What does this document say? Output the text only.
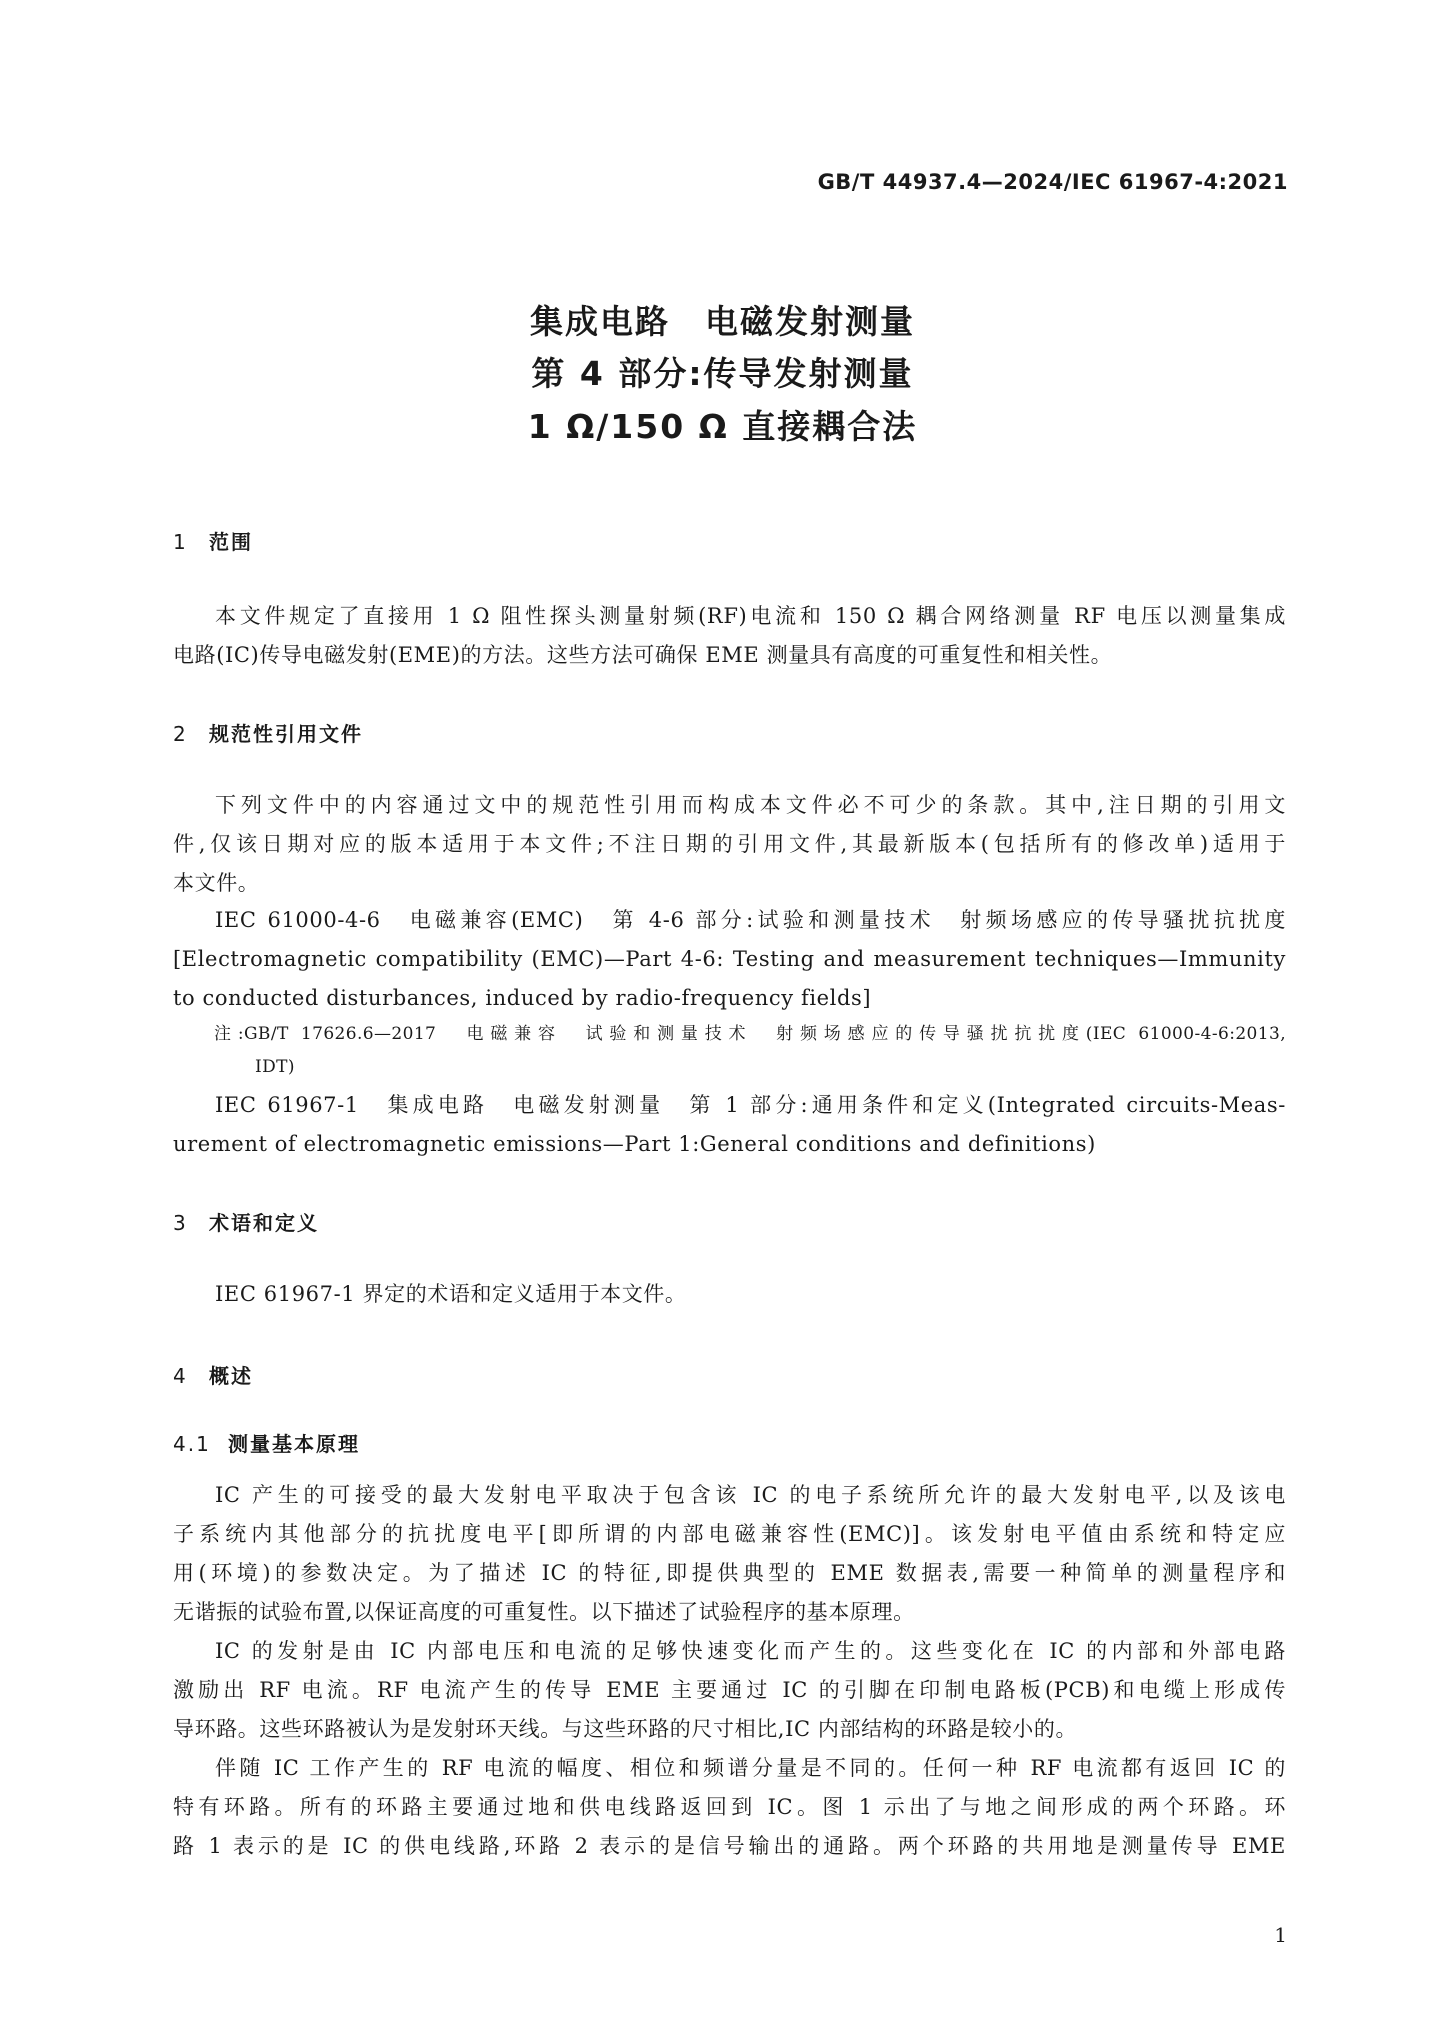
GB/T 44937.4—2024/IEC 61967-4:2021
集成电路　电磁发射测量
第 4 部分:传导发射测量
1 Ω/150 Ω 直接耦合法
1 范围
本文件规定了直接用 1 Ω 阻性探头测量射频(RF)电流和 150 Ω 耦合网络测量 RF 电压以测量集成
电路(IC)传导电磁发射(EME)的方法。这些方法可确保 EME 测量具有高度的可重复性和相关性。
2 规范性引用文件
下列文件中的内容通过文中的规范性引用而构成本文件必不可少的条款。其中,注日期的引用文
件,仅该日期对应的版本适用于本文件;不注日期的引用文件,其最新版本(包括所有的修改单)适用于
本文件。
IEC 61000-4-6　电磁兼容(EMC)　第 4-6 部分:试验和测量技术　射频场感应的传导骚扰抗扰度
[Electromagnetic compatibility (EMC)—Part 4-6: Testing and measurement techniques—Immunity
to conducted disturbances, induced by radio-frequency fields]
注:GB/T 17626.6—2017　电磁兼容　试验和测量技术　射频场感应的传导骚扰抗扰度(IEC 61000-4-6:2013,
IDT)
IEC 61967-1　集成电路　电磁发射测量　第 1 部分:通用条件和定义(Integrated circuits-Meas-
urement of electromagnetic emissions—Part 1:General conditions and definitions)
3 术语和定义
IEC 61967-1 界定的术语和定义适用于本文件。
4 概述
4.1 测量基本原理
IC 产生的可接受的最大发射电平取决于包含该 IC 的电子系统所允许的最大发射电平,以及该电
子系统内其他部分的抗扰度电平[即所谓的内部电磁兼容性(EMC)]。该发射电平值由系统和特定应
用(环境)的参数决定。为了描述 IC 的特征,即提供典型的 EME 数据表,需要一种简单的测量程序和
无谐振的试验布置,以保证高度的可重复性。以下描述了试验程序的基本原理。
IC 的发射是由 IC 内部电压和电流的足够快速变化而产生的。这些变化在 IC 的内部和外部电路
激励出 RF 电流。RF 电流产生的传导 EME 主要通过 IC 的引脚在印制电路板(PCB)和电缆上形成传
导环路。这些环路被认为是发射环天线。与这些环路的尺寸相比,IC 内部结构的环路是较小的。
伴随 IC 工作产生的 RF 电流的幅度、相位和频谱分量是不同的。任何一种 RF 电流都有返回 IC 的
特有环路。所有的环路主要通过地和供电线路返回到 IC。图 1 示出了与地之间形成的两个环路。环
路 1 表示的是 IC 的供电线路,环路 2 表示的是信号输出的通路。两个环路的共用地是测量传导 EME
1
